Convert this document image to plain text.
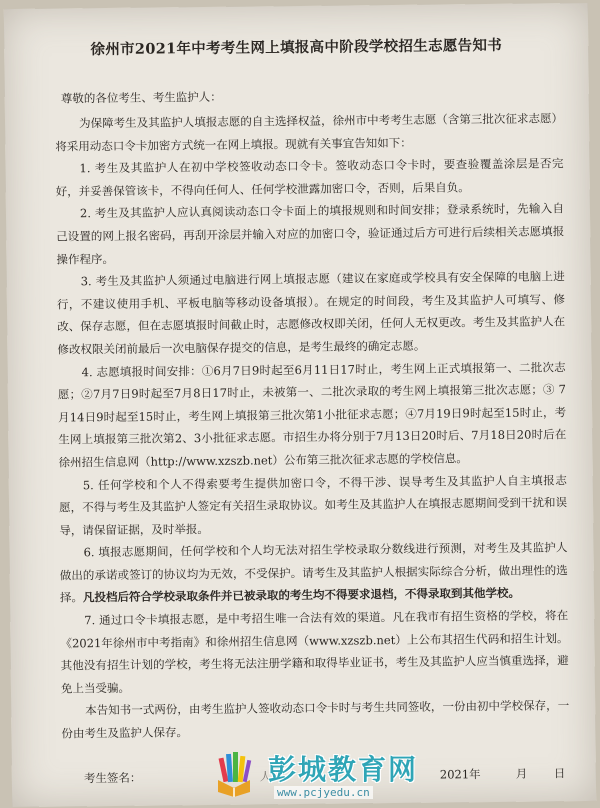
徐州市2021年中考考生网上填报高中阶段学校招生志愿告知书
尊敬的各位考生、考生监护人：

为保障考生及其监护人填报志愿的自主选择权益，徐州市中考考生志愿（含第三批次征求志愿）将采用动态口令卡加密方式统一在网上填报。现就有关事宜告知如下：

1. 考生及其监护人在初中学校签收动态口令卡。签收动态口令卡时，要查验覆盖涂层是否完好，并妥善保管该卡，不得向任何人、任何学校泄露加密口令，否则，后果自负。

2. 考生及其监护人应认真阅读动态口令卡面上的填报规则和时间安排；登录系统时，先输入自己设置的网上报名密码，再刮开涂层并输入对应的加密口令，验证通过后方可进行后续相关志愿填报操作程序。

3. 考生及其监护人须通过电脑进行网上填报志愿（建议在家庭或学校具有安全保障的电脑上进行，不建议使用手机、平板电脑等移动设备填报）。在规定的时间段，考生及其监护人可填写、修改、保存志愿，但在志愿填报时间截止时，志愿修改权即关闭，任何人无权更改。考生及其监护人在修改权限关闭前最后一次电脑保存提交的信息，是考生最终的确定志愿。

4. 志愿填报时间安排：①6月7日9时起至6月11日17时止，考生网上正式填报第一、二批次志愿；②7月7日9时起至7月8日17时止，未被第一、二批次录取的考生网上填报第三批次志愿；③ 7月14日9时起至15时止，考生网上填报第三批次第1小批征求志愿；④7月19日9时起至15时止，考生网上填报第三批次第2、3小批征求志愿。市招生办将分别于7月13日20时后、7月18日20时后在徐州招生信息网（http://www.xzszb.net）公布第三批次征求志愿的学校信息。

5. 任何学校和个人不得索要考生提供加密口令，不得干涉、误导考生及其监护人自主填报志愿，不得与考生及其监护人签定有关招生录取协议。如考生及其监护人在填报志愿期间受到干扰和误导，请保留证据，及时举报。

6. 填报志愿期间，任何学校和个人均无法对招生学校录取分数线进行预测，对考生及其监护人做出的承诺或签订的协议均为无效，不受保护。请考生及其监护人根据实际综合分析，做出理性的选择。凡投档后符合学校录取条件并已被录取的考生均不得要求退档，不得录取到其他学校。

7. 通过口令卡填报志愿，是中考招生唯一合法有效的渠道。凡在我市有招生资格的学校，将在《2021年徐州市中考指南》和徐州招生信息网（www.xzszb.net）上公布其招生代码和招生计划。其他没有招生计划的学校，考生将无法注册学籍和取得毕业证书，考生及其监护人应当慎重选择，避免上当受骗。

本告知书一式两份，由考生监护人签收动态口令卡时与考生共同签收，一份由初中学校保存，一份由考生及监护人保存。

考生签名：	人	2021年	月 日
彭城教育网
www.pcjyedu.cn
